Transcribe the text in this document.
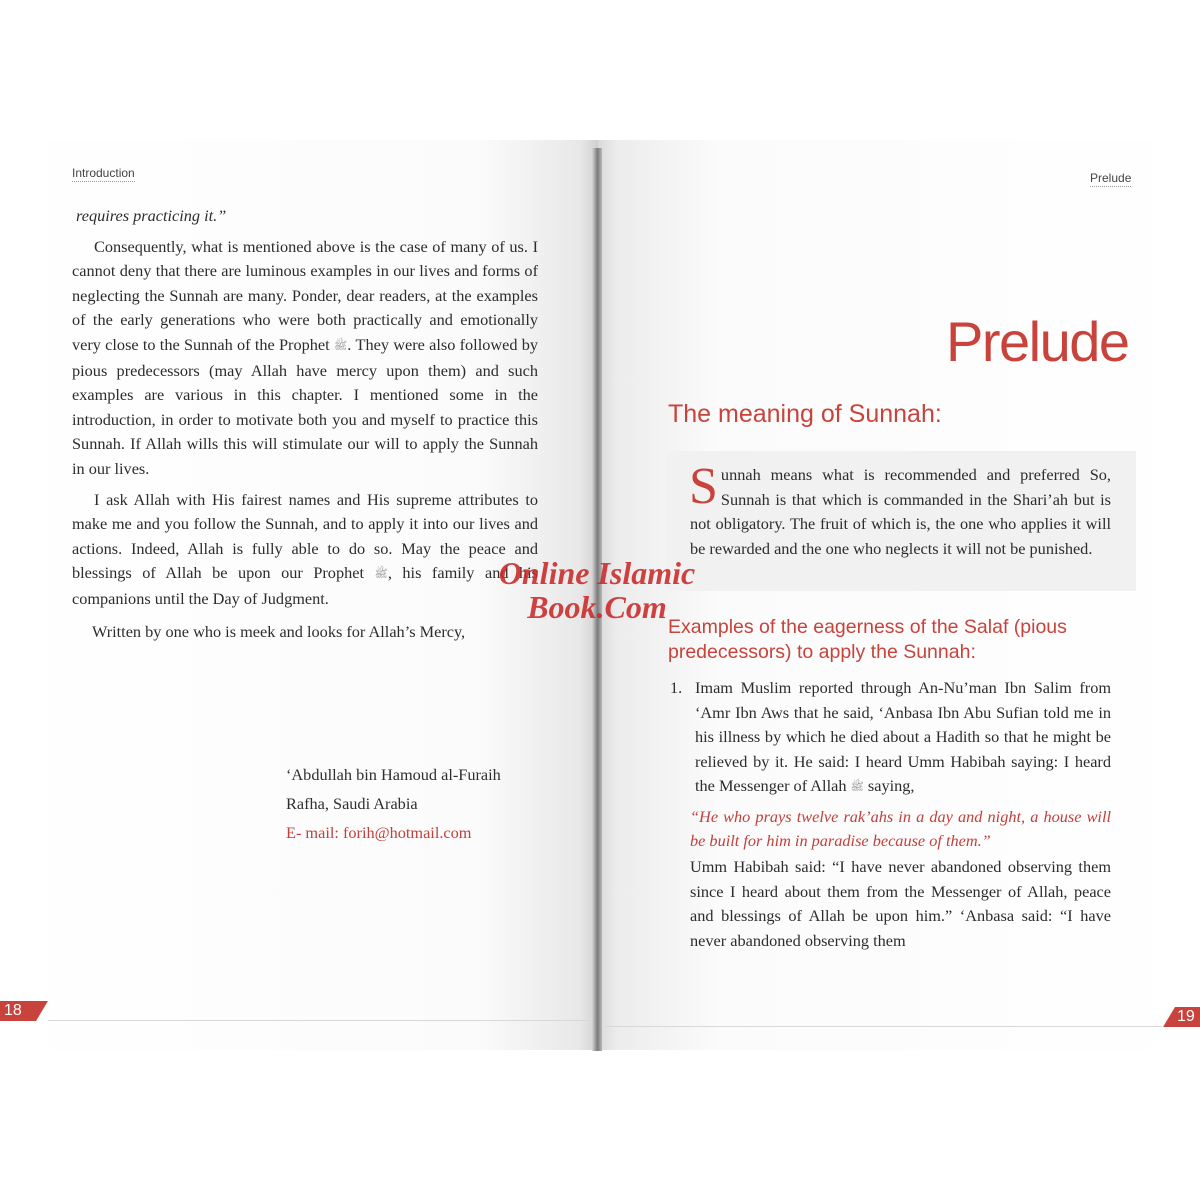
Introduction

requires practicing it.”

Consequently, what is mentioned above is the case of many of us. I cannot deny that there are luminous examples in our lives and forms of neglecting the Sunnah are many. Ponder, dear readers, at the examples of the early generations who were both practically and emotionally very close to the Sunnah of the Prophet ﷺ. They were also followed by pious predecessors (may Allah have mercy upon them) and such examples are various in this chapter. I mentioned some in the introduction, in order to motivate both you and myself to practice this Sunnah. If Allah wills this will stimulate our will to apply the Sunnah in our lives.

I ask Allah with His fairest names and His supreme attributes to make me and you follow the Sunnah, and to apply it into our lives and actions. Indeed, Allah is fully able to do so. May the peace and blessings of Allah be upon our Prophet ﷺ, his family and his companions until the Day of Judgment.

Written by one who is meek and looks for Allah’s Mercy,

‘Abdullah bin Hamoud al-Furaih
Rafha, Saudi Arabia
E- mail: forih@hotmail.com
18
Prelude
Prelude
The meaning of Sunnah:
Sunnah means what is recommended and preferred So, Sunnah is that which is commanded in the Shari’ah but is not obligatory. The fruit of which is, the one who applies it will be rewarded and the one who neglects it will not be punished.
Examples of the eagerness of the Salaf (pious predecessors) to apply the Sunnah:
1. Imam Muslim reported through An-Nu’man Ibn Salim from ‘Amr Ibn Aws that he said, ‘Anbasa Ibn Abu Sufian told me in his illness by which he died about a Hadith so that he might be relieved by it. He said: I heard Umm Habibah saying: I heard the Messenger of Allah ﷺ saying,
“He who prays twelve rak’ahs in a day and night, a house will be built for him in paradise because of them.”
Umm Habibah said: “I have never abandoned observing them since I heard about them from the Messenger of Allah, peace and blessings of Allah be upon him.” ‘Anbasa said: “I have never abandoned observing them
19
Online Islamic
Book.Com
